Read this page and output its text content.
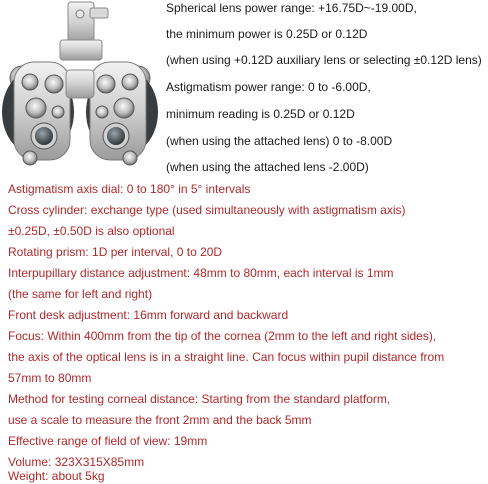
Spherical lens power range: +16.75D~-19.00D,
the minimum power is 0.25D or 0.12D
(when using +0.12D auxiliary lens or selecting ±0.12D lens)
Astigmatism power range: 0 to -6.00D,
minimum reading is 0.25D or 0.12D
(when using the attached lens) 0 to -8.00D
(when using the attached lens -2.00D)
Astigmatism axis dial: 0 to 180° in 5° intervals
Cross cylinder: exchange type (used simultaneously with astigmatism axis)
±0.25D, ±0.50D is also optional
Rotating prism: 1D per interval, 0 to 20D
Interpupillary distance adjustment: 48mm to 80mm, each interval is 1mm
(the same for left and right)
Front desk adjustment: 16mm forward and backward
Focus: Within 400mm from the tip of the cornea (2mm to the left and right sides),
the axis of the optical lens is in a straight line. Can focus within pupil distance from
57mm to 80mm
Method for testing corneal distance: Starting from the standard platform,
use a scale to measure the front 2mm and the back 5mm
Effective range of field of view: 19mm
Volume: 323X315X85mm
Weight: about 5kg
